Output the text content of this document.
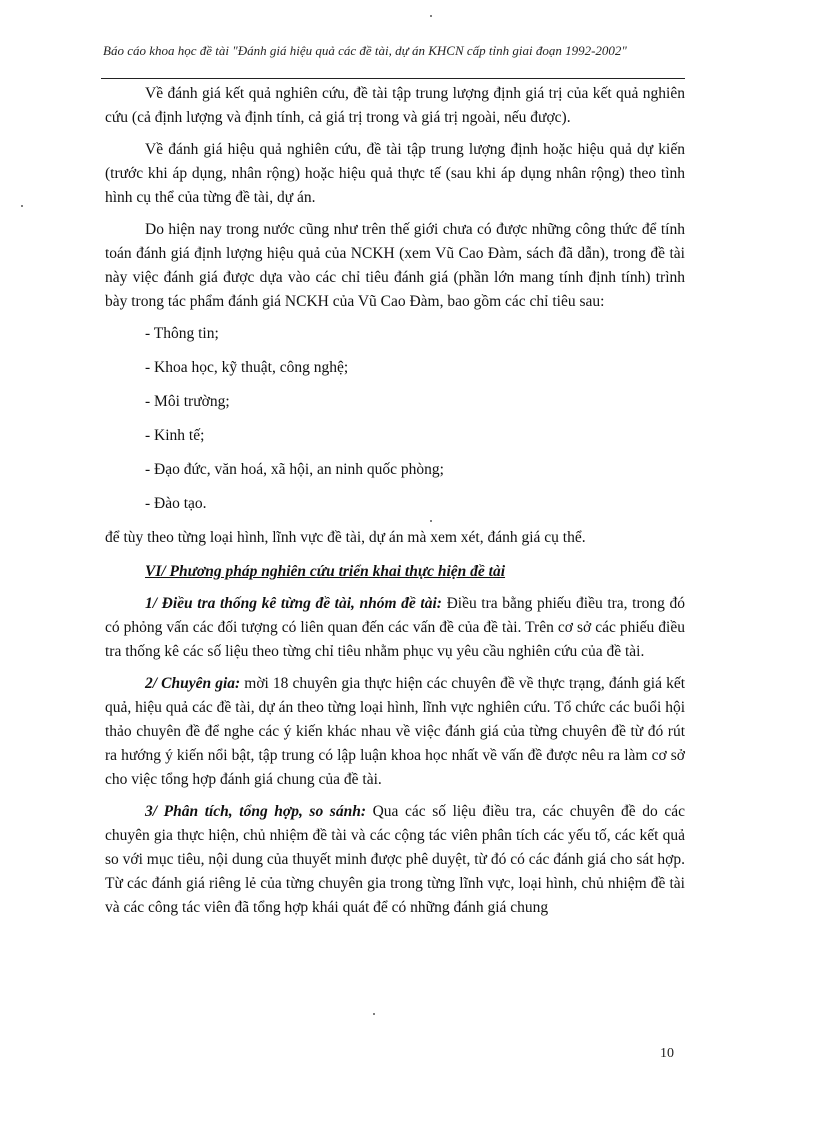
Báo cáo khoa học đề tài "Đánh giá hiệu quả các đề tài, dự án KHCN cấp tỉnh giai đoạn 1992-2002"

Về đánh giá kết quả nghiên cứu, đề tài tập trung lượng định giá trị của kết quả nghiên cứu (cả định lượng và định tính, cả giá trị trong và giá trị ngoài, nếu được).

Về đánh giá hiệu quả nghiên cứu, đề tài tập trung lượng định hoặc hiệu quả dự kiến (trước khi áp dụng, nhân rộng) hoặc hiệu quả thực tế (sau khi áp dụng nhân rộng) theo tình hình cụ thể của từng đề tài, dự án.

Do hiện nay trong nước cũng như trên thế giới chưa có được những công thức để tính toán đánh giá định lượng hiệu quả của NCKH (xem Vũ Cao Đàm, sách đã dẫn), trong đề tài này việc đánh giá được dựa vào các chỉ tiêu đánh giá (phần lớn mang tính định tính) trình bày trong tác phẩm đánh giá NCKH của Vũ Cao Đàm, bao gồm các chỉ tiêu sau:

- Thông tin;
- Khoa học, kỹ thuật, công nghệ;
- Môi trường;
- Kinh tế;
- Đạo đức, văn hoá, xã hội, an ninh quốc phòng;
- Đào tạo.

để tùy theo từng loại hình, lĩnh vực đề tài, dự án mà xem xét, đánh giá cụ thể.

VI/ Phương pháp nghiên cứu triển khai thực hiện đề tài

1/ Điều tra thống kê từng đề tài, nhóm đề tài: Điều tra bằng phiếu điều tra, trong đó có phỏng vấn các đối tượng có liên quan đến các vấn đề của đề tài. Trên cơ sở các phiếu điều tra thống kê các số liệu theo từng chỉ tiêu nhằm phục vụ yêu cầu nghiên cứu của đề tài.

2/ Chuyên gia: mời 18 chuyên gia thực hiện các chuyên đề về thực trạng, đánh giá kết quả, hiệu quả các đề tài, dự án theo từng loại hình, lĩnh vực nghiên cứu. Tổ chức các buổi hội thảo chuyên đề để nghe các ý kiến khác nhau về việc đánh giá của từng chuyên đề từ đó rút ra hướng ý kiến nổi bật, tập trung có lập luận khoa học nhất về vấn đề được nêu ra làm cơ sở cho việc tổng hợp đánh giá chung của đề tài.

3/ Phân tích, tổng hợp, so sánh: Qua các số liệu điều tra, các chuyên đề do các chuyên gia thực hiện, chủ nhiệm đề tài và các cộng tác viên phân tích các yếu tố, các kết quả so với mục tiêu, nội dung của thuyết minh được phê duyệt, từ đó có các đánh giá cho sát hợp. Từ các đánh giá riêng lẻ của từng chuyên gia trong từng lĩnh vực, loại hình, chủ nhiệm đề tài và các công tác viên đã tổng hợp khái quát để có những đánh giá chung

10
